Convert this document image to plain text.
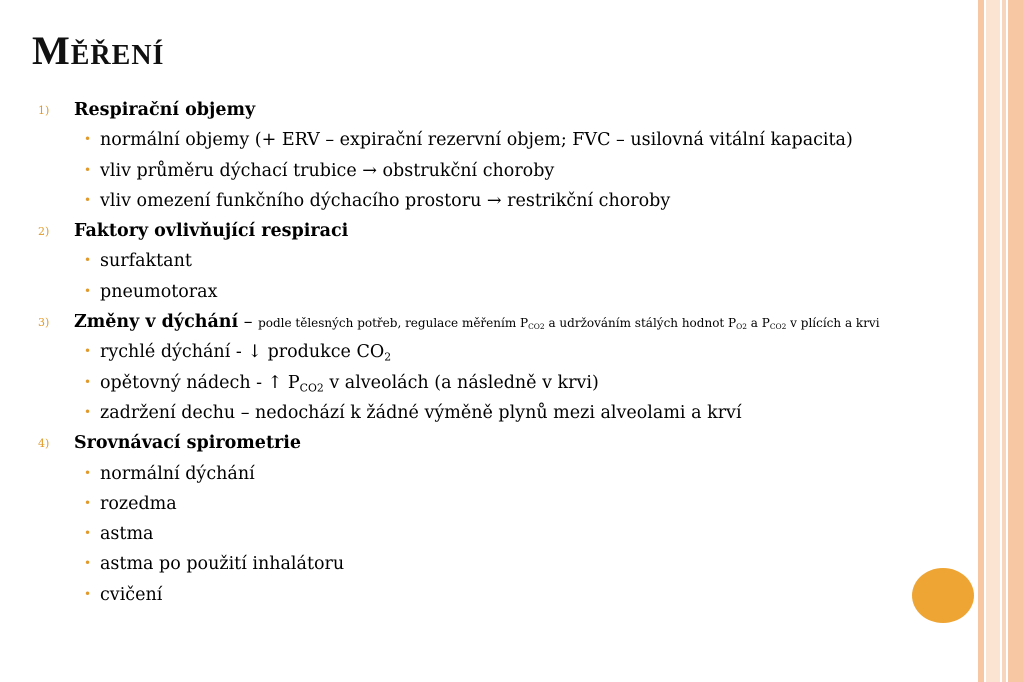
Měření
1) Respirační objemy
• normální objemy (+ ERV – expirační rezervní objem; FVC – usilovná vitální kapacita)
• vliv průměru dýchací trubice → obstrukční choroby
• vliv omezení funkčního dýchacího prostoru → restrikční choroby
2) Faktory ovlivňující respiraci
• surfaktant
• pneumotorax
3) Změny v dýchání – podle tělesných potřeb, regulace měřením $P_{CO2}$ a udržováním stálých hodnot $P_{O2}$ a $P_{CO2}$ v plících a krvi
• rychlé dýchání - ↓ produkce $CO_2$
• opětovný nádech - ↑ $P_{CO2}$ v alveolách (a následně v krvi)
• zadržení dechu – nedochází k žádné výměně plynů mezi alveolami a krví
4) Srovnávací spirometrie
• normální dýchání
• rozedma
• astma
• astma po použití inhalátoru
• cvičení
